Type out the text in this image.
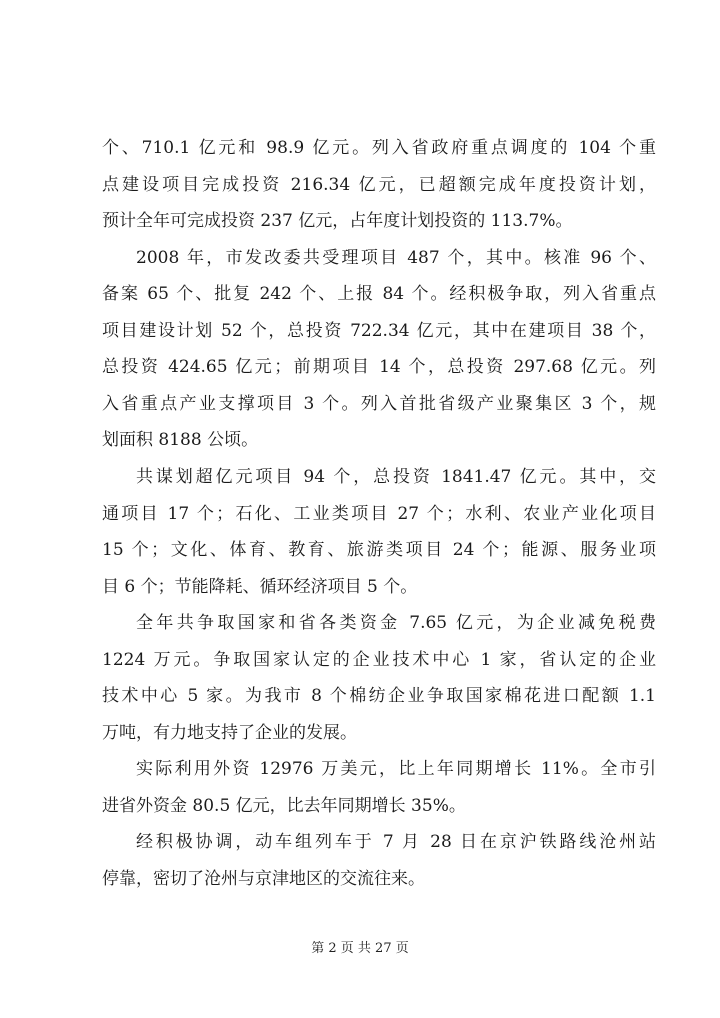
个、710.1 亿元和 98.9 亿元。列入省政府重点调度的 104 个重
点建设项目完成投资 216.34 亿元，已超额完成年度投资计划，
预计全年可完成投资 237 亿元，占年度计划投资的 113.7%。
2008 年，市发改委共受理项目 487 个，其中。核准 96 个、
备案 65 个、批复 242 个、上报 84 个。经积极争取，列入省重点
项目建设计划 52 个，总投资 722.34 亿元，其中在建项目 38 个，
总投资 424.65 亿元；前期项目 14 个，总投资 297.68 亿元。列
入省重点产业支撑项目 3 个。列入首批省级产业聚集区 3 个，规
划面积 8188 公顷。
共谋划超亿元项目 94 个，总投资 1841.47 亿元。其中，交
通项目 17 个；石化、工业类项目 27 个；水利、农业产业化项目
15 个；文化、体育、教育、旅游类项目 24 个；能源、服务业项
目 6 个；节能降耗、循环经济项目 5 个。
全年共争取国家和省各类资金 7.65 亿元，为企业减免税费
1224 万元。争取国家认定的企业技术中心 1 家，省认定的企业
技术中心 5 家。为我市 8 个棉纺企业争取国家棉花进口配额 1.1
万吨，有力地支持了企业的发展。
实际利用外资 12976 万美元，比上年同期增长 11%。全市引
进省外资金 80.5 亿元，比去年同期增长 35%。
经积极协调，动车组列车于 7 月 28 日在京沪铁路线沧州站
停靠，密切了沧州与京津地区的交流往来。
第 2 页 共 27 页
